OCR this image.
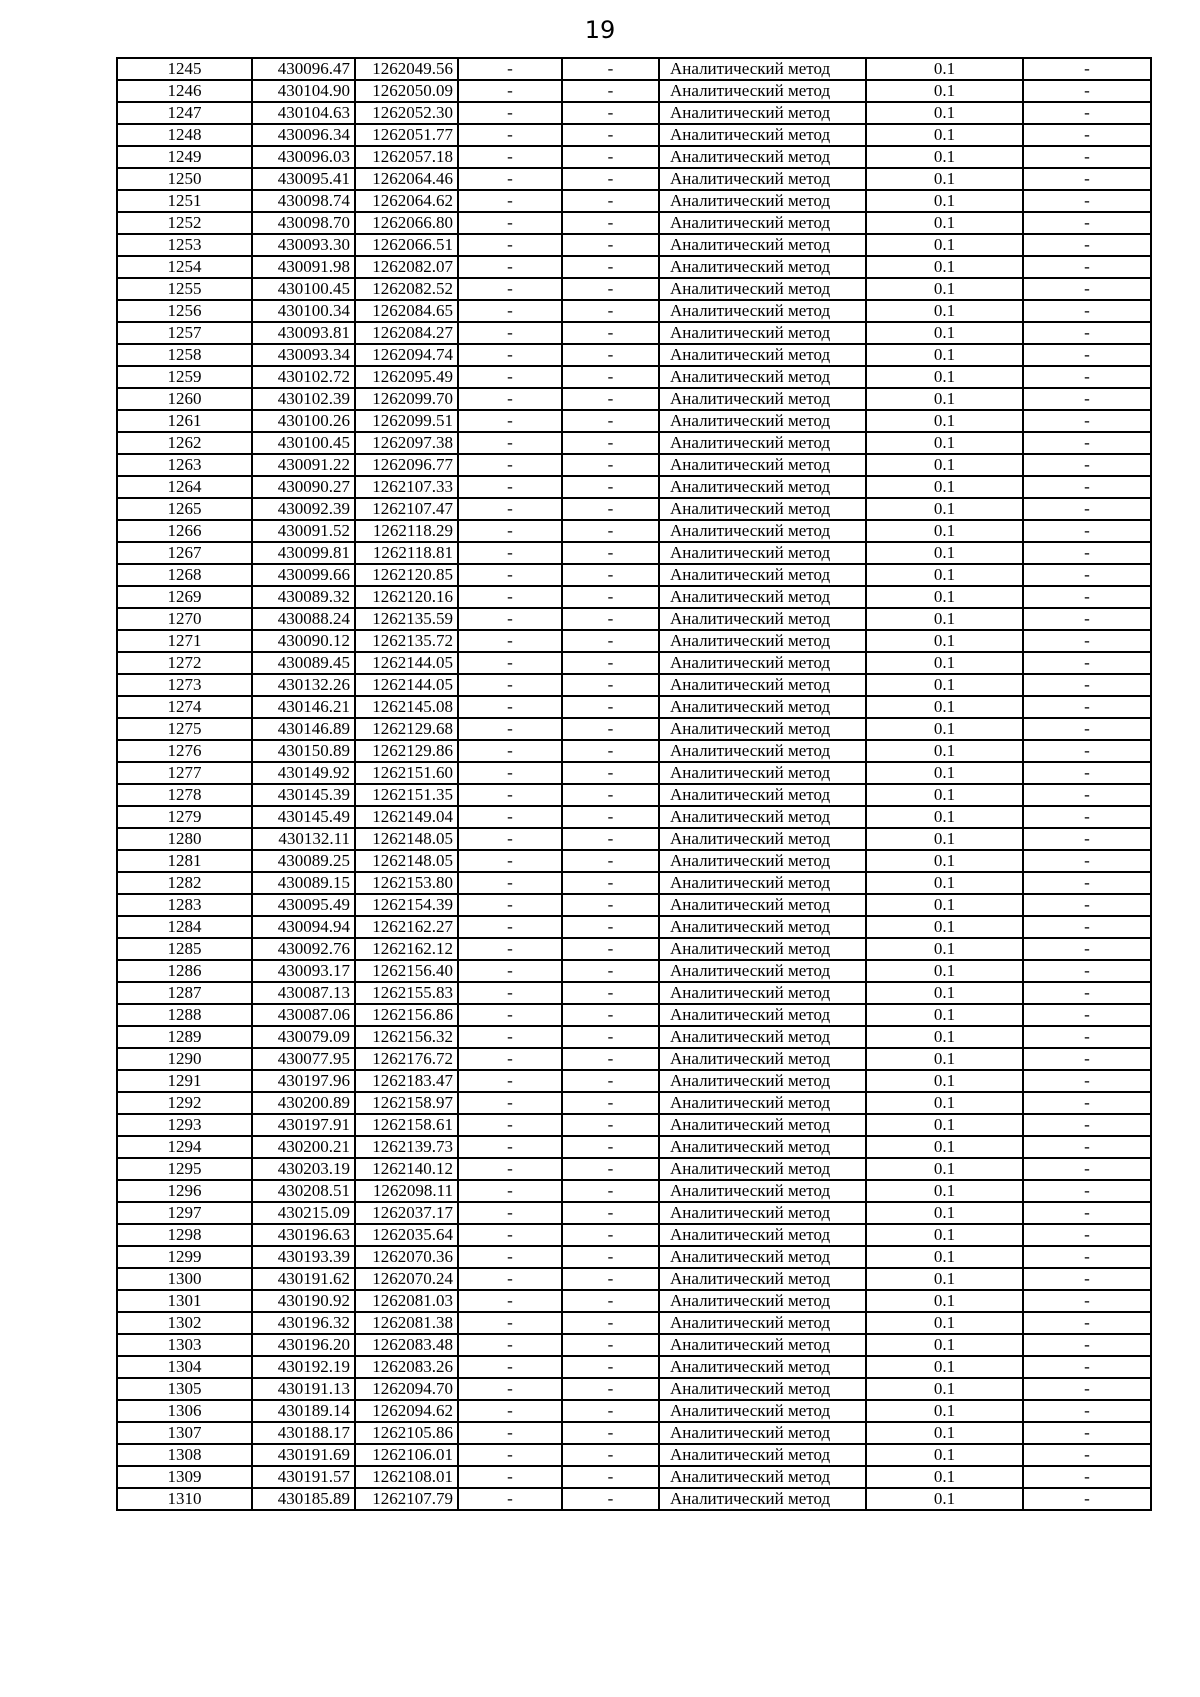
19
1245	430096.47	1262049.56	-	-	Аналитический метод	0.1	-
1246	430104.90	1262050.09	-	-	Аналитический метод	0.1	-
1247	430104.63	1262052.30	-	-	Аналитический метод	0.1	-
1248	430096.34	1262051.77	-	-	Аналитический метод	0.1	-
1249	430096.03	1262057.18	-	-	Аналитический метод	0.1	-
1250	430095.41	1262064.46	-	-	Аналитический метод	0.1	-
1251	430098.74	1262064.62	-	-	Аналитический метод	0.1	-
1252	430098.70	1262066.80	-	-	Аналитический метод	0.1	-
1253	430093.30	1262066.51	-	-	Аналитический метод	0.1	-
1254	430091.98	1262082.07	-	-	Аналитический метод	0.1	-
1255	430100.45	1262082.52	-	-	Аналитический метод	0.1	-
1256	430100.34	1262084.65	-	-	Аналитический метод	0.1	-
1257	430093.81	1262084.27	-	-	Аналитический метод	0.1	-
1258	430093.34	1262094.74	-	-	Аналитический метод	0.1	-
1259	430102.72	1262095.49	-	-	Аналитический метод	0.1	-
1260	430102.39	1262099.70	-	-	Аналитический метод	0.1	-
1261	430100.26	1262099.51	-	-	Аналитический метод	0.1	-
1262	430100.45	1262097.38	-	-	Аналитический метод	0.1	-
1263	430091.22	1262096.77	-	-	Аналитический метод	0.1	-
1264	430090.27	1262107.33	-	-	Аналитический метод	0.1	-
1265	430092.39	1262107.47	-	-	Аналитический метод	0.1	-
1266	430091.52	1262118.29	-	-	Аналитический метод	0.1	-
1267	430099.81	1262118.81	-	-	Аналитический метод	0.1	-
1268	430099.66	1262120.85	-	-	Аналитический метод	0.1	-
1269	430089.32	1262120.16	-	-	Аналитический метод	0.1	-
1270	430088.24	1262135.59	-	-	Аналитический метод	0.1	-
1271	430090.12	1262135.72	-	-	Аналитический метод	0.1	-
1272	430089.45	1262144.05	-	-	Аналитический метод	0.1	-
1273	430132.26	1262144.05	-	-	Аналитический метод	0.1	-
1274	430146.21	1262145.08	-	-	Аналитический метод	0.1	-
1275	430146.89	1262129.68	-	-	Аналитический метод	0.1	-
1276	430150.89	1262129.86	-	-	Аналитический метод	0.1	-
1277	430149.92	1262151.60	-	-	Аналитический метод	0.1	-
1278	430145.39	1262151.35	-	-	Аналитический метод	0.1	-
1279	430145.49	1262149.04	-	-	Аналитический метод	0.1	-
1280	430132.11	1262148.05	-	-	Аналитический метод	0.1	-
1281	430089.25	1262148.05	-	-	Аналитический метод	0.1	-
1282	430089.15	1262153.80	-	-	Аналитический метод	0.1	-
1283	430095.49	1262154.39	-	-	Аналитический метод	0.1	-
1284	430094.94	1262162.27	-	-	Аналитический метод	0.1	-
1285	430092.76	1262162.12	-	-	Аналитический метод	0.1	-
1286	430093.17	1262156.40	-	-	Аналитический метод	0.1	-
1287	430087.13	1262155.83	-	-	Аналитический метод	0.1	-
1288	430087.06	1262156.86	-	-	Аналитический метод	0.1	-
1289	430079.09	1262156.32	-	-	Аналитический метод	0.1	-
1290	430077.95	1262176.72	-	-	Аналитический метод	0.1	-
1291	430197.96	1262183.47	-	-	Аналитический метод	0.1	-
1292	430200.89	1262158.97	-	-	Аналитический метод	0.1	-
1293	430197.91	1262158.61	-	-	Аналитический метод	0.1	-
1294	430200.21	1262139.73	-	-	Аналитический метод	0.1	-
1295	430203.19	1262140.12	-	-	Аналитический метод	0.1	-
1296	430208.51	1262098.11	-	-	Аналитический метод	0.1	-
1297	430215.09	1262037.17	-	-	Аналитический метод	0.1	-
1298	430196.63	1262035.64	-	-	Аналитический метод	0.1	-
1299	430193.39	1262070.36	-	-	Аналитический метод	0.1	-
1300	430191.62	1262070.24	-	-	Аналитический метод	0.1	-
1301	430190.92	1262081.03	-	-	Аналитический метод	0.1	-
1302	430196.32	1262081.38	-	-	Аналитический метод	0.1	-
1303	430196.20	1262083.48	-	-	Аналитический метод	0.1	-
1304	430192.19	1262083.26	-	-	Аналитический метод	0.1	-
1305	430191.13	1262094.70	-	-	Аналитический метод	0.1	-
1306	430189.14	1262094.62	-	-	Аналитический метод	0.1	-
1307	430188.17	1262105.86	-	-	Аналитический метод	0.1	-
1308	430191.69	1262106.01	-	-	Аналитический метод	0.1	-
1309	430191.57	1262108.01	-	-	Аналитический метод	0.1	-
1310	430185.89	1262107.79	-	-	Аналитический метод	0.1	-
